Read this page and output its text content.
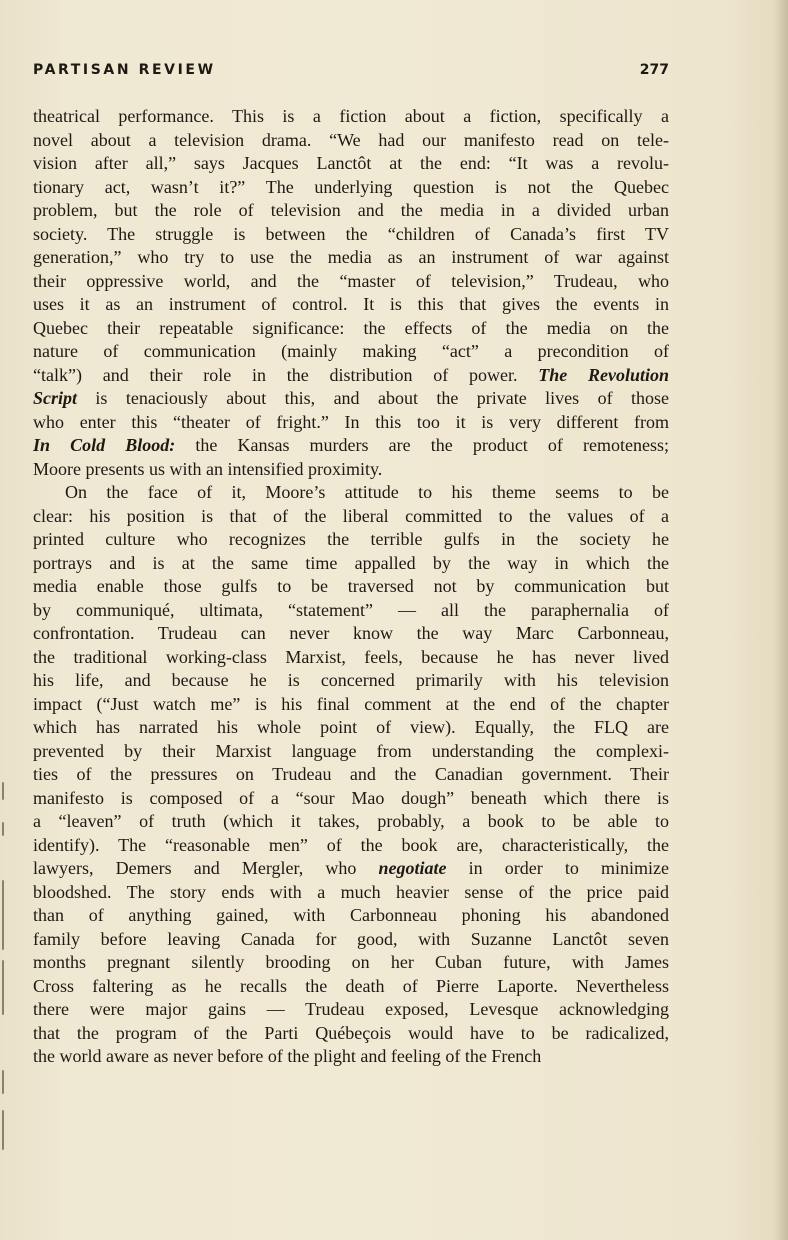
PARTISAN REVIEW	277
theatrical performance. This is a fiction about a fiction, specifically a
novel about a television drama. “We had our manifesto read on tele-
vision after all,” says Jacques Lanctôt at the end: “It was a revolu-
tionary act, wasn’t it?” The underlying question is not the Quebec
problem, but the role of television and the media in a divided urban
society. The struggle is between the “children of Canada’s first TV
generation,” who try to use the media as an instrument of war against
their oppressive world, and the “master of television,” Trudeau, who
uses it as an instrument of control. It is this that gives the events in
Quebec their repeatable significance: the effects of the media on the
nature of communication (mainly making “act” a precondition of
“talk”) and their role in the distribution of power. The Revolution
Script is tenaciously about this, and about the private lives of those
who enter this “theater of fright.” In this too it is very different from
In Cold Blood: the Kansas murders are the product of remoteness;
Moore presents us with an intensified proximity.
On the face of it, Moore’s attitude to his theme seems to be
clear: his position is that of the liberal committed to the values of a
printed culture who recognizes the terrible gulfs in the society he
portrays and is at the same time appalled by the way in which the
media enable those gulfs to be traversed not by communication but
by communiqué, ultimata, “statement” — all the paraphernalia of
confrontation. Trudeau can never know the way Marc Carbonneau,
the traditional working-class Marxist, feels, because he has never lived
his life, and because he is concerned primarily with his television
impact (“Just watch me” is his final comment at the end of the chapter
which has narrated his whole point of view). Equally, the FLQ are
prevented by their Marxist language from understanding the complexi-
ties of the pressures on Trudeau and the Canadian government. Their
manifesto is composed of a “sour Mao dough” beneath which there is
a “leaven” of truth (which it takes, probably, a book to be able to
identify). The “reasonable men” of the book are, characteristically, the
lawyers, Demers and Mergler, who negotiate in order to minimize
bloodshed. The story ends with a much heavier sense of the price paid
than of anything gained, with Carbonneau phoning his abandoned
family before leaving Canada for good, with Suzanne Lanctôt seven
months pregnant silently brooding on her Cuban future, with James
Cross faltering as he recalls the death of Pierre Laporte. Nevertheless
there were major gains — Trudeau exposed, Levesque acknowledging
that the program of the Parti Québeçois would have to be radicalized,
the world aware as never before of the plight and feeling of the French
